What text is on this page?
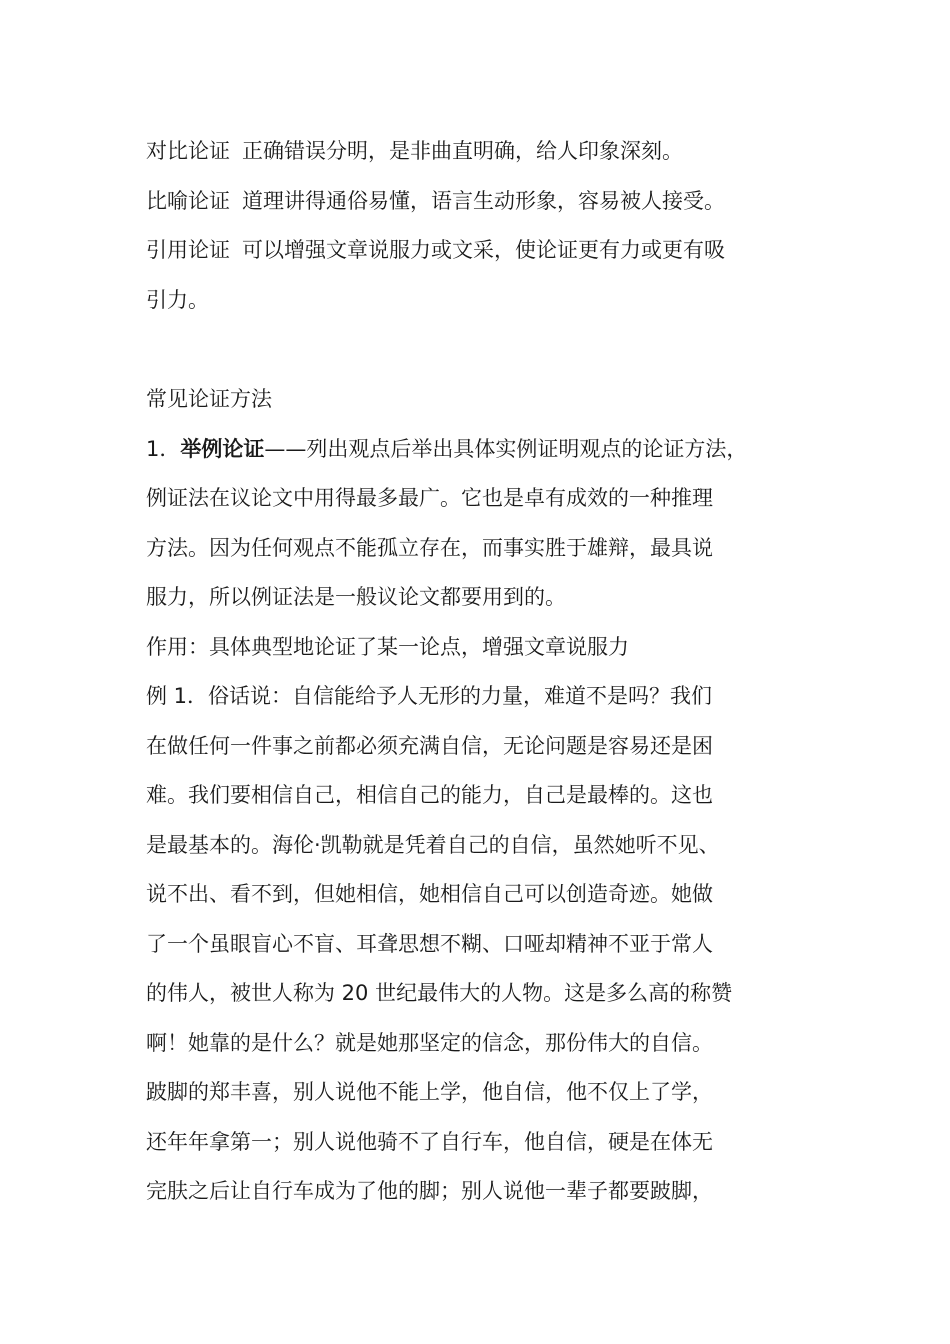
对比论证 正确错误分明，是非曲直明确，给人印象深刻。
比喻论证 道理讲得通俗易懂，语言生动形象，容易被人接受。
引用论证 可以增强文章说服力或文采，使论证更有力或更有吸
引力。
常见论证方法
1．举例论证——列出观点后举出具体实例证明观点的论证方法，
例证法在议论文中用得最多最广。它也是卓有成效的一种推理
方法。因为任何观点不能孤立存在，而事实胜于雄辩，最具说
服力，所以例证法是一般议论文都要用到的。
作用：具体典型地论证了某一论点，增强文章说服力
例 1．俗话说：自信能给予人无形的力量，难道不是吗？我们
在做任何一件事之前都必须充满自信，无论问题是容易还是困
难。我们要相信自己，相信自己的能力，自己是最棒的。这也
是最基本的。海伦·凯勒就是凭着自己的自信，虽然她听不见、
说不出、看不到，但她相信，她相信自己可以创造奇迹。她做
了一个虽眼盲心不盲、耳聋思想不糊、口哑却精神不亚于常人
的伟人，被世人称为 20 世纪最伟大的人物。这是多么高的称赞
啊！她靠的是什么？就是她那坚定的信念，那份伟大的自信。
跛脚的郑丰喜，别人说他不能上学，他自信，他不仅上了学，
还年年拿第一；别人说他骑不了自行车，他自信，硬是在体无
完肤之后让自行车成为了他的脚；别人说他一辈子都要跛脚，
